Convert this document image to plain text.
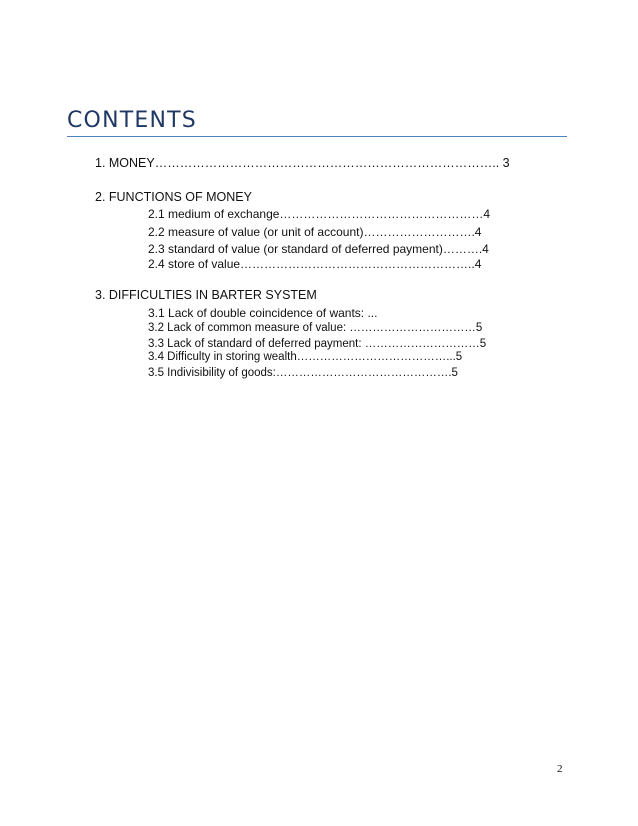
CONTENTS
1. MONEY……………………………………………………………………….. 3
2. FUNCTIONS OF MONEY
2.1 medium of exchange……………………………………………4
2.2 measure of value (or unit of account)……………………….4
2.3 standard of value (or standard of deferred payment)……….4
2.4 store of value…………………………………………………..4
3. DIFFICULTIES IN BARTER SYSTEM
3.1 Lack of double coincidence of wants: ...
3.2 Lack of common measure of value: ……………………………5
3.3 Lack of standard of deferred payment: …………………………5
3.4 Difficulty in storing wealth…………………………………...5
3.5 Indivisibility of goods:……………………………………….5
2
